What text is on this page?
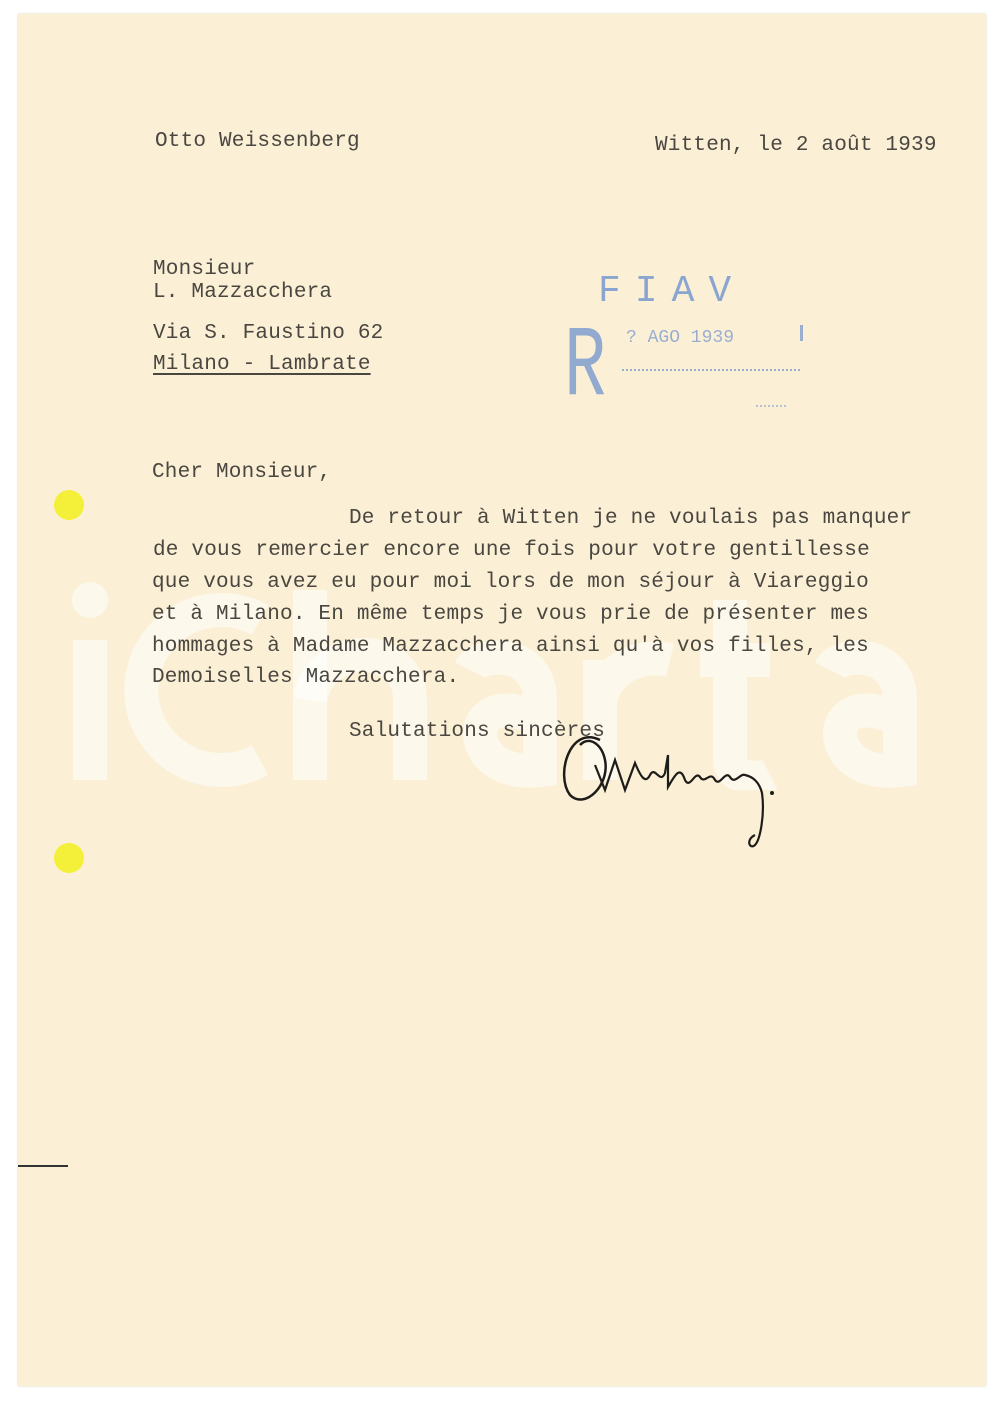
Otto Weissenberg	Witten, le 2 août 1939
Monsieur
L. Mazzacchera
Via S. Faustino 62
Milano - Lambrate
FIAV
R ? AGO 1939
Cher Monsieur,
De retour à Witten je ne voulais pas manquer
de vous remercier encore une fois pour votre gentillesse
que vous avez eu pour moi lors de mon séjour à Viareggio
et à Milano. En même temps je vous prie de présenter mes
hommages à Madame Mazzacchera ainsi qu'à vos filles, les
Demoiselles Mazzacchera.
Salutations sincères
